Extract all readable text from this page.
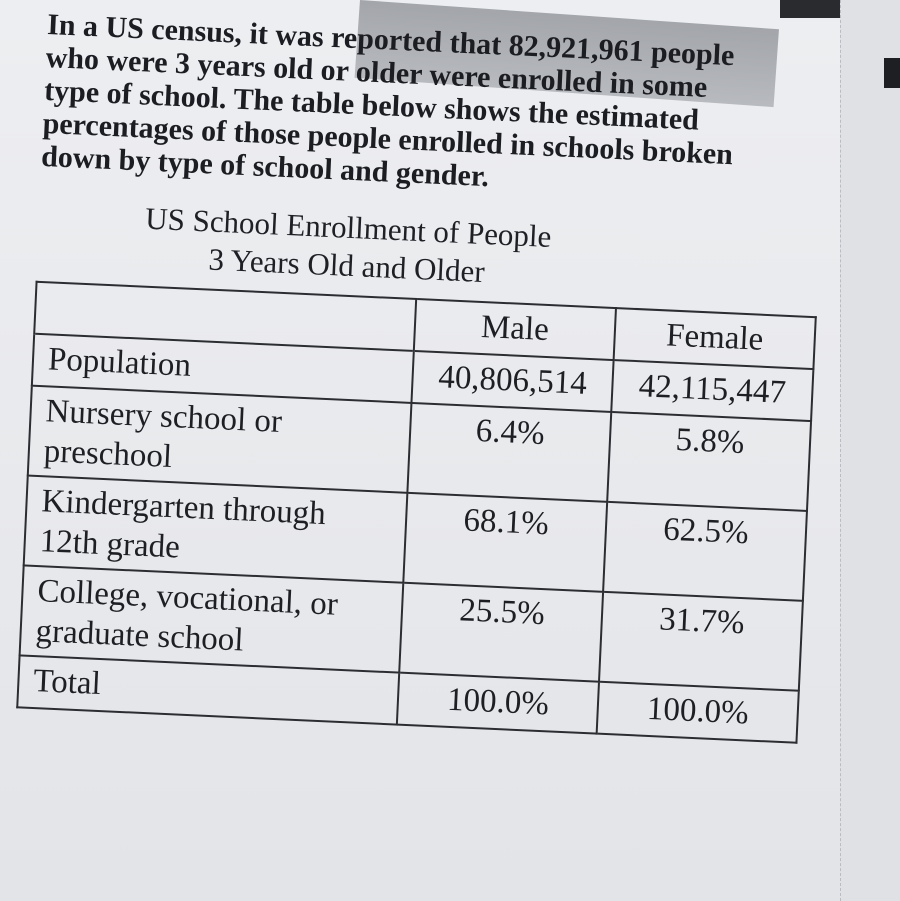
In a US census, it was reported that 82,921,961 people who were 3 years old or older were enrolled in some type of school. The table below shows the estimated percentages of those people enrolled in schools broken down by type of school and gender.

US School Enrollment of People
3 Years Old and Older
	Male	Female
Population	40,806,514	42,115,447
Nursery school or preschool	6.4%	5.8%
Kindergarten through 12th grade	68.1%	62.5%
College, vocational, or graduate school	25.5%	31.7%
Total	100.0%	100.0%
